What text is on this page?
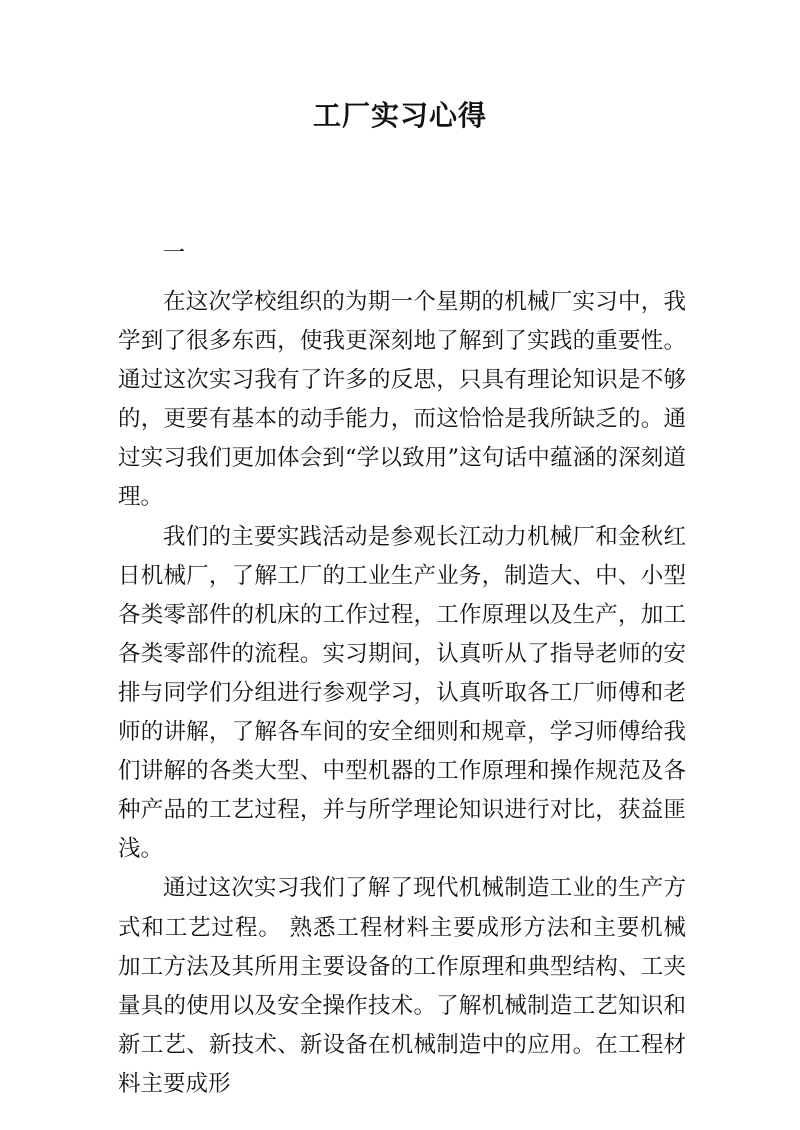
工厂实习心得

一

在这次学校组织的为期一个星期的机械厂实习中，我学到了很多东西，使我更深刻地了解到了实践的重要性。通过这次实习我有了许多的反思，只具有理论知识是不够的，更要有基本的动手能力，而这恰恰是我所缺乏的。通过实习我们更加体会到“学以致用”这句话中蕴涵的深刻道理。

我们的主要实践活动是参观长江动力机械厂和金秋红日机械厂，了解工厂的工业生产业务，制造大、中、小型各类零部件的机床的工作过程，工作原理以及生产，加工各类零部件的流程。实习期间，认真听从了指导老师的安排与同学们分组进行参观学习，认真听取各工厂师傅和老师的讲解，了解各车间的安全细则和规章，学习师傅给我们讲解的各类大型、中型机器的工作原理和操作规范及各种产品的工艺过程，并与所学理论知识进行对比，获益匪浅。

通过这次实习我们了解了现代机械制造工业的生产方式和工艺过程。 熟悉工程材料主要成形方法和主要机械加工方法及其所用主要设备的工作原理和典型结构、工夹量具的使用以及安全操作技术。了解机械制造工艺知识和新工艺、新技术、新设备在机械制造中的应用。在工程材料主要成形
